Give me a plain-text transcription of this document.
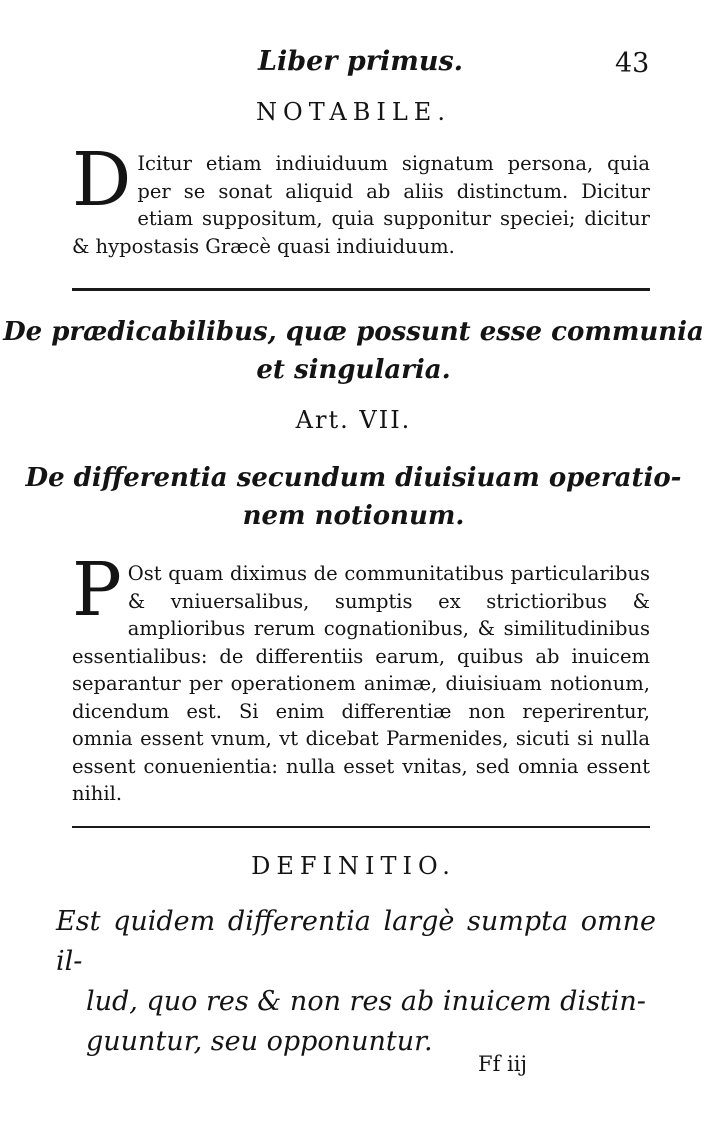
Liber primus.	43
NOTABILE.
D Icitur etiam indiuiduum signatum persona, quia per se sonat aliquid ab aliis distinctum. Dicitur etiam suppositum, quia supponitur speciei; dicitur & hypostasis Græcè quasi indiuiduum.
De prædicabilibus, quæ possunt esse communia
et singularia.
Art. VII.
De differentia secundum diuisiuam operatio-
nem notionum.
P Ost quam diximus de communitatibus particularibus & vniuersalibus, sumptis ex strictioribus & amplioribus rerum cognationibus, & similitudinibus essentialibus: de differentiis earum, quibus ab inuicem separantur per operationem animæ, diuisiuam notionum, dicendum est. Si enim differentiæ non reperirentur, omnia essent vnum, vt dicebat Parmenides, sicuti si nulla essent conuenientia: nulla esset vnitas, sed omnia essent nihil.
DEFINITIO.
Est quidem differentia largè sumpta omne il-
lud, quo res & non res ab inuicem distin-
guuntur, seu opponuntur.
Ff iij
